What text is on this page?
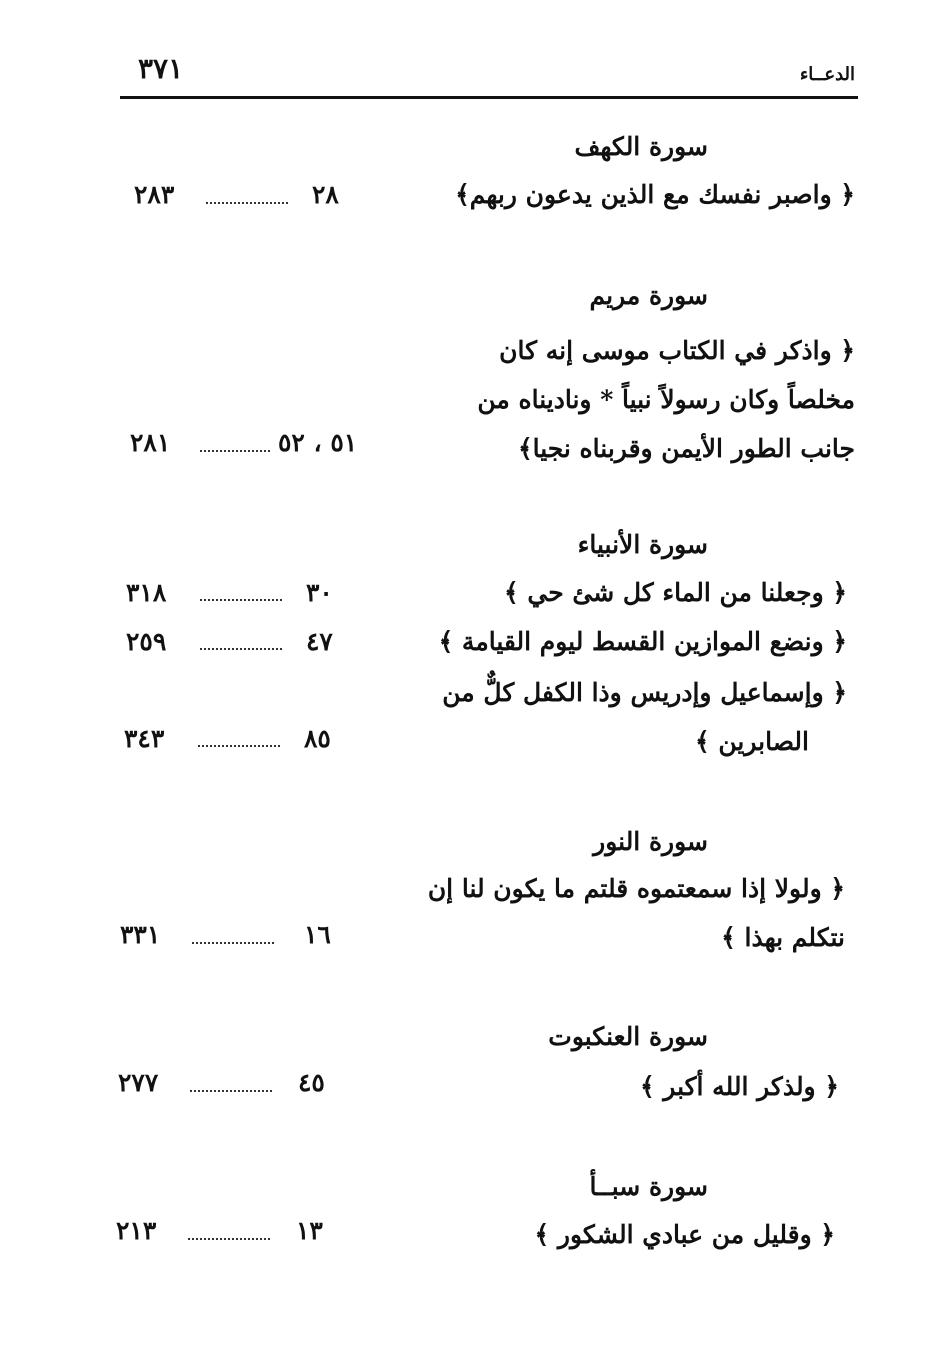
٣٧١	الدعــاء
سورة الكهف
﴿ واصبر نفسك مع الذين يدعون ربهم﴾
٢٨
٢٨٣
سورة مريم
﴿ واذكر في الكتاب موسى إنه كان
مخلصاً وكان رسولاً نبياً * وناديناه من
جانب الطور الأيمن وقربناه نجيا﴾
٥١ ، ٥٢
٢٨١
سورة الأنبياء
﴿ وجعلنا من الماء كل شئ حي ﴾
٣٠
٣١٨
﴿ ونضع الموازين القسط ليوم القيامة ﴾
٤٧
٢٥٩
﴿ وإسماعيل وإدريس وذا الكفل كلٌّ من
الصابرين ﴾
٨٥
٣٤٣
سورة النور
﴿ ولولا إذا سمعتموه قلتم ما يكون لنا إن
نتكلم بهذا ﴾
١٦
٣٣١
سورة العنكبوت
﴿ ولذكر الله أكبر ﴾
٤٥
٢٧٧
سورة سبــأ
﴿ وقليل من عبادي الشكور ﴾
١٣
٢١٣
